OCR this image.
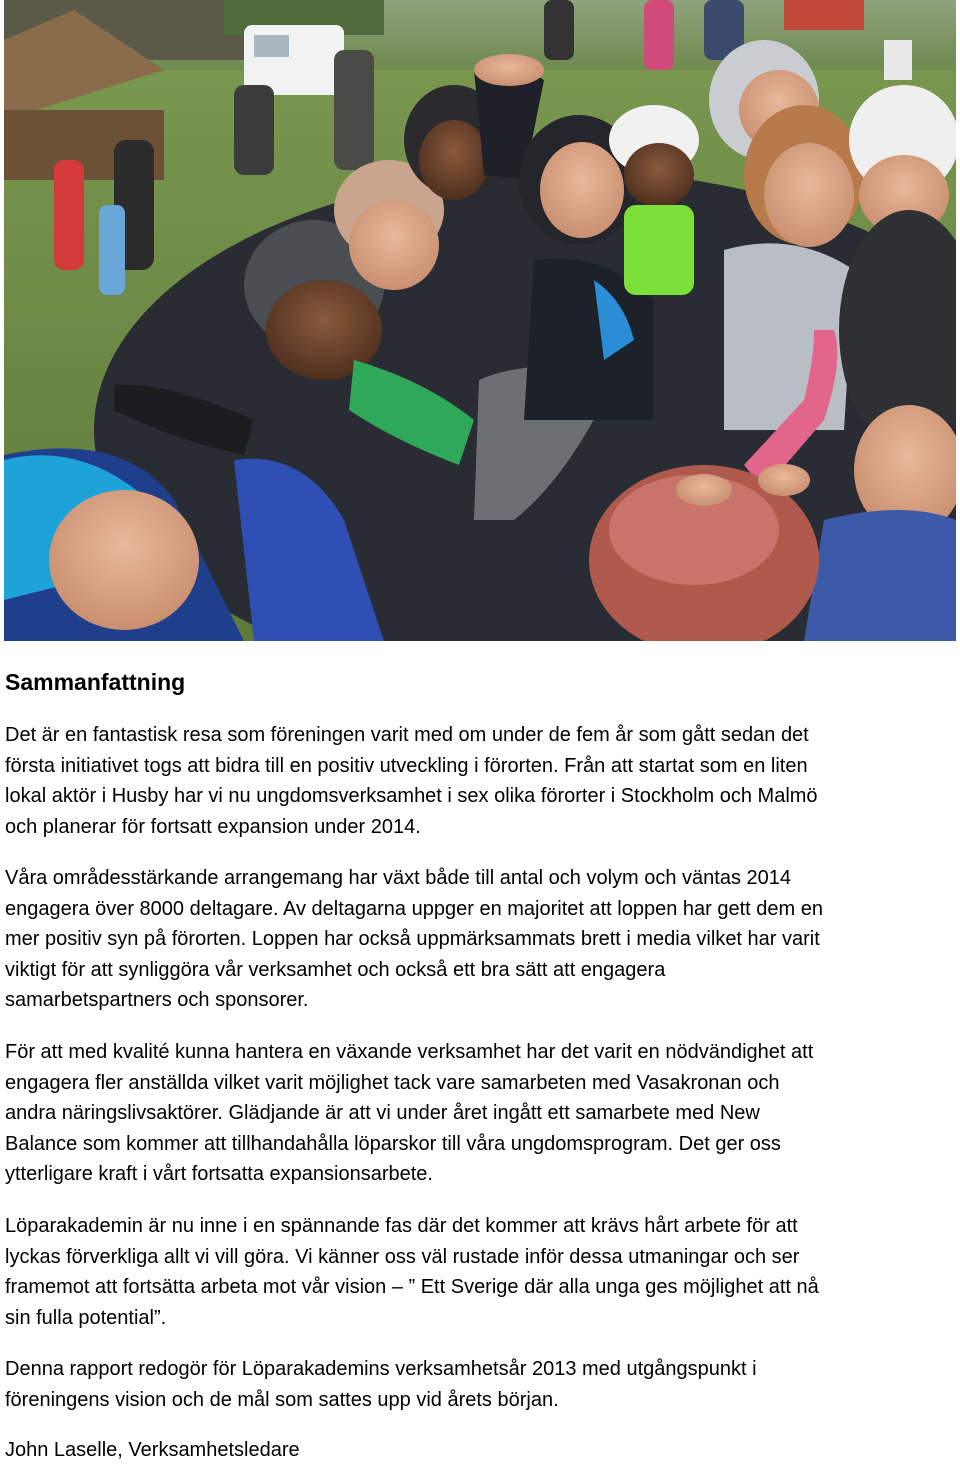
Sammanfattning

Det är en fantastisk resa som föreningen varit med om under de fem år som gått sedan det
första initiativet togs att bidra till en positiv utveckling i förorten. Från att startat som en liten
lokal aktör i Husby har vi nu ungdomsverksamhet i sex olika förorter i Stockholm och Malmö
och planerar för fortsatt expansion under 2014.

Våra områdesstärkande arrangemang har växt både till antal och volym och väntas 2014
engagera över 8000 deltagare. Av deltagarna uppger en majoritet att loppen har gett dem en
mer positiv syn på förorten. Loppen har också uppmärksammats brett i media vilket har varit
viktigt för att synliggöra vår verksamhet och också ett bra sätt att engagera
samarbetspartners och sponsorer.

För att med kvalité kunna hantera en växande verksamhet har det varit en nödvändighet att
engagera fler anställda vilket varit möjlighet tack vare samarbeten med Vasakronan och
andra näringslivsaktörer. Glädjande är att vi under året ingått ett samarbete med New
Balance som kommer att tillhandahålla löparskor till våra ungdomsprogram. Det ger oss
ytterligare kraft i vårt fortsatta expansionsarbete.

Löparakademin är nu inne i en spännande fas där det kommer att krävs hårt arbete för att
lyckas förverkliga allt vi vill göra. Vi känner oss väl rustade inför dessa utmaningar och ser
framemot att fortsätta arbeta mot vår vision – ” Ett Sverige där alla unga ges möjlighet att nå
sin fulla potential”.

Denna rapport redogör för Löparakademins verksamhetsår 2013 med utgångspunkt i
föreningens vision och de mål som sattes upp vid årets början.

John Laselle, Verksamhetsledare
